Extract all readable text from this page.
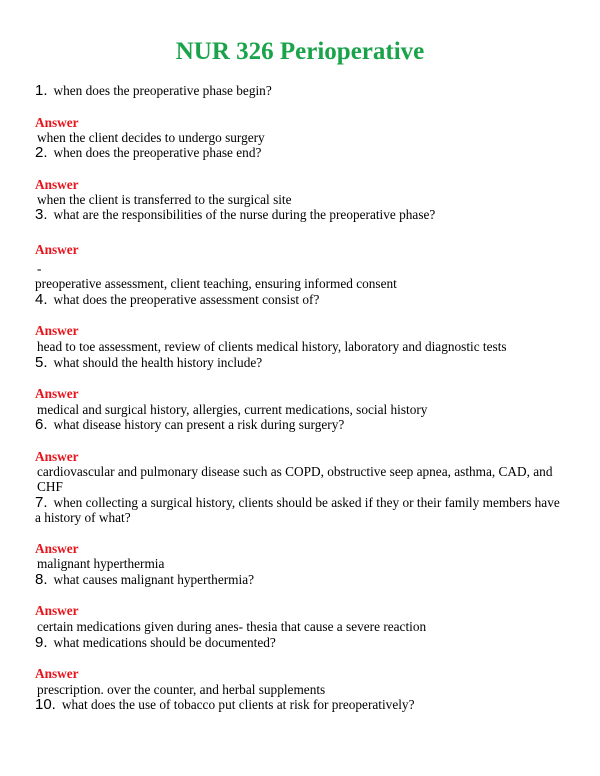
NUR 326 Perioperative
1. when does the preoperative phase begin?
Answer
when the client decides to undergo surgery
2. when does the preoperative phase end?
Answer
when the client is transferred to the surgical site
3. what are the responsibilities of the nurse during the preoperative phase?
Answer
-
preoperative assessment, client teaching, ensuring informed consent
4. what does the preoperative assessment consist of?
Answer
head to toe assessment, review of clients medical history, laboratory and diagnostic tests
5. what should the health history include?
Answer
medical and surgical history, allergies, current medications, social history
6. what disease history can present a risk during surgery?
Answer
cardiovascular and pulmonary disease such as COPD, obstructive seep apnea, asthma, CAD, and CHF
7. when collecting a surgical history, clients should be asked if they or their family members have a history of what?
Answer
malignant hyperthermia
8. what causes malignant hyperthermia?
Answer
certain medications given during anes- thesia that cause a severe reaction
9. what medications should be documented?
Answer
prescription. over the counter, and herbal supplements
10. what does the use of tobacco put clients at risk for preoperatively?
